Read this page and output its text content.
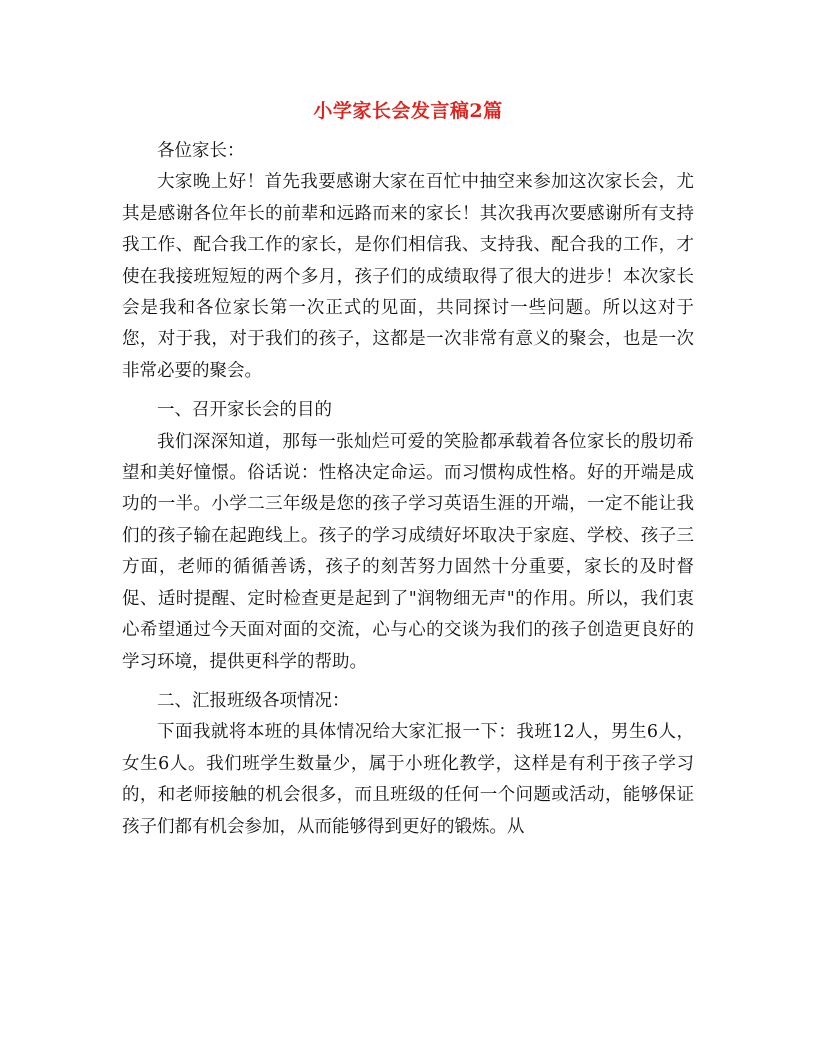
小学家长会发言稿2篇

各位家长：

大家晚上好！首先我要感谢大家在百忙中抽空来参加这次家长会，尤其是感谢各位年长的前辈和远路而来的家长！其次我再次要感谢所有支持我工作、配合我工作的家长，是你们相信我、支持我、配合我的工作，才使在我接班短短的两个多月，孩子们的成绩取得了很大的进步！本次家长会是我和各位家长第一次正式的见面，共同探讨一些问题。所以这对于您，对于我，对于我们的孩子，这都是一次非常有意义的聚会，也是一次非常必要的聚会。

一、召开家长会的目的

我们深深知道，那每一张灿烂可爱的笑脸都承载着各位家长的殷切希望和美好憧憬。俗话说：性格决定命运。而习惯构成性格。好的开端是成功的一半。小学二三年级是您的孩子学习英语生涯的开端，一定不能让我们的孩子输在起跑线上。孩子的学习成绩好坏取决于家庭、学校、孩子三方面，老师的循循善诱，孩子的刻苦努力固然十分重要，家长的及时督促、适时提醒、定时检查更是起到了"润物细无声"的作用。所以，我们衷心希望通过今天面对面的交流，心与心的交谈为我们的孩子创造更良好的学习环境，提供更科学的帮助。

二、汇报班级各项情况：

下面我就将本班的具体情况给大家汇报一下：我班12人，男生6人，女生6人。我们班学生数量少，属于小班化教学，这样是有利于孩子学习的，和老师接触的机会很多，而且班级的任何一个问题或活动，能够保证孩子们都有机会参加，从而能够得到更好的锻炼。从
